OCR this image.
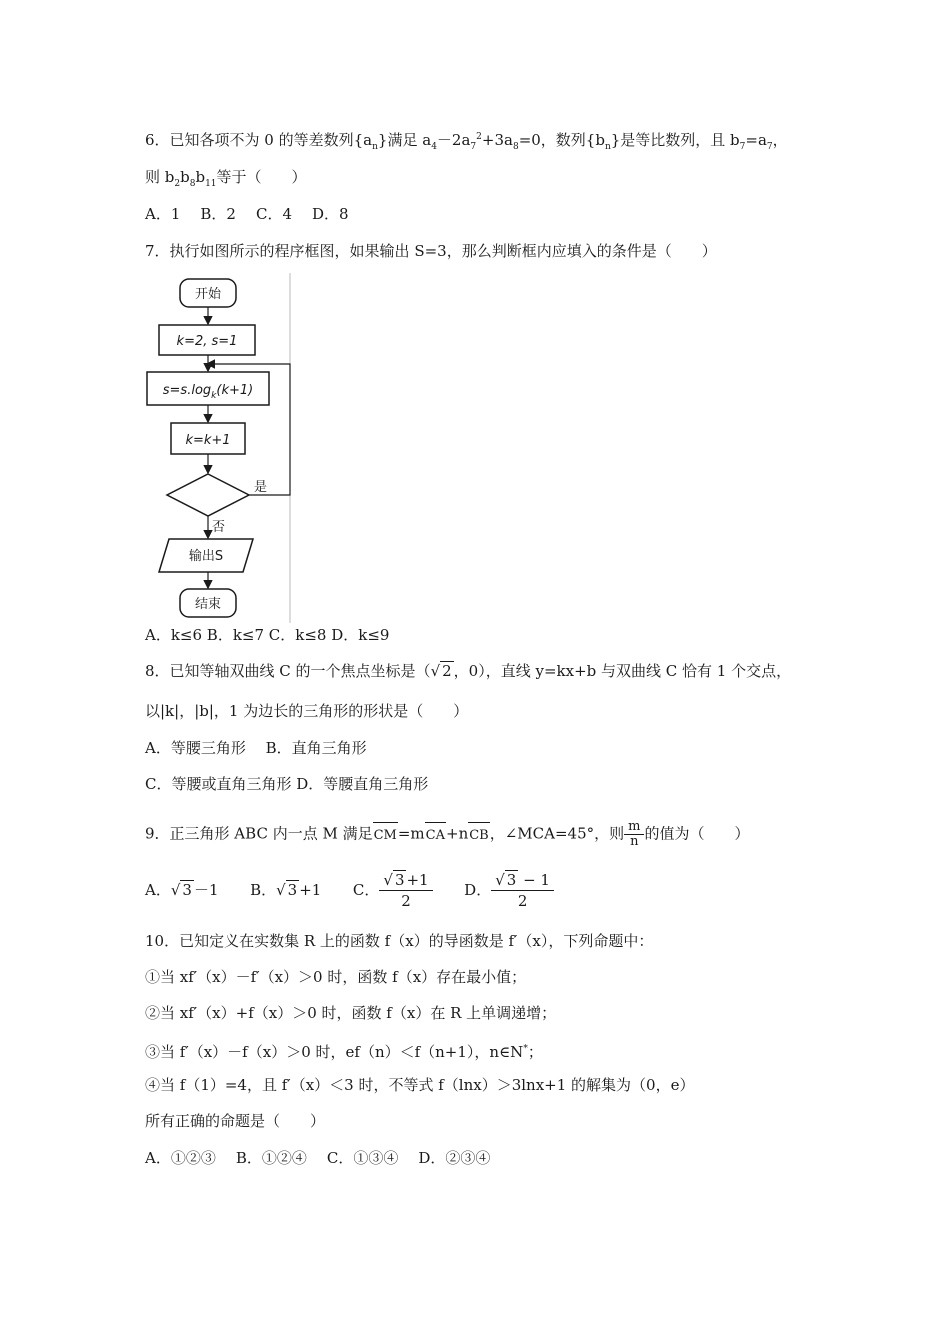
6．已知各项不为 0 的等差数列$\{a_n\}$满足 $a_4-2a_7^2+3a_8=0$，数列$\{b_n\}$是等比数列，且 $b_7=a_7$，
则 $b_2b_8b_{11}$等于（　　）
A．1 B．2 C．4 D．8
7．执行如图所示的程序框图，如果输出 S=3，那么判断框内应填入的条件是（　　）
开始
k=2, s=1
$s=s.\log_k(k+1)$
k=k+1
是
否
输出S
结束
A．k≤6 B．k≤7 C．k≤8 D．k≤9
8．已知等轴双曲线 C 的一个焦点坐标是（√ 2 ，0），直线 y=kx+b 与双曲线 C 恰有 1 个交点，
以|k|，|b|，1 为边长的三角形的形状是（　　）
A．等腰三角形　 B．直角三角形
C．等腰或直角三角形 D．等腰直角三角形
9．正三角形 ABC 内一点 M 满足CM=mCA+nCB，∠MCA=45°，则 $\frac{m}{n}$ 的值为（　　）
A．√ 3 －1 B．√ 3 +1 C． $\frac{√ 3 +1}{2}$ D． $\frac{√ 3 - 1}{2}$
10．已知定义在实数集 R 上的函数 f（x）的导函数是 f′（x），下列命题中：
①当 xf′（x）－f′（x）＞0 时，函数 f（x）存在最小值；
②当 xf′（x）+f（x）＞0 时，函数 f（x）在 R 上单调递增；
③当 f′（x）－f（x）＞0 时，ef（n）＜f（n+1），n∈N*；
④当 f（1）=4，且 f′（x）＜3 时，不等式 f（lnx）＞3lnx+1 的解集为（0，e）
所有正确的命题是（　　）
A．①②③ B．①②④ C．①③④ D．②③④
